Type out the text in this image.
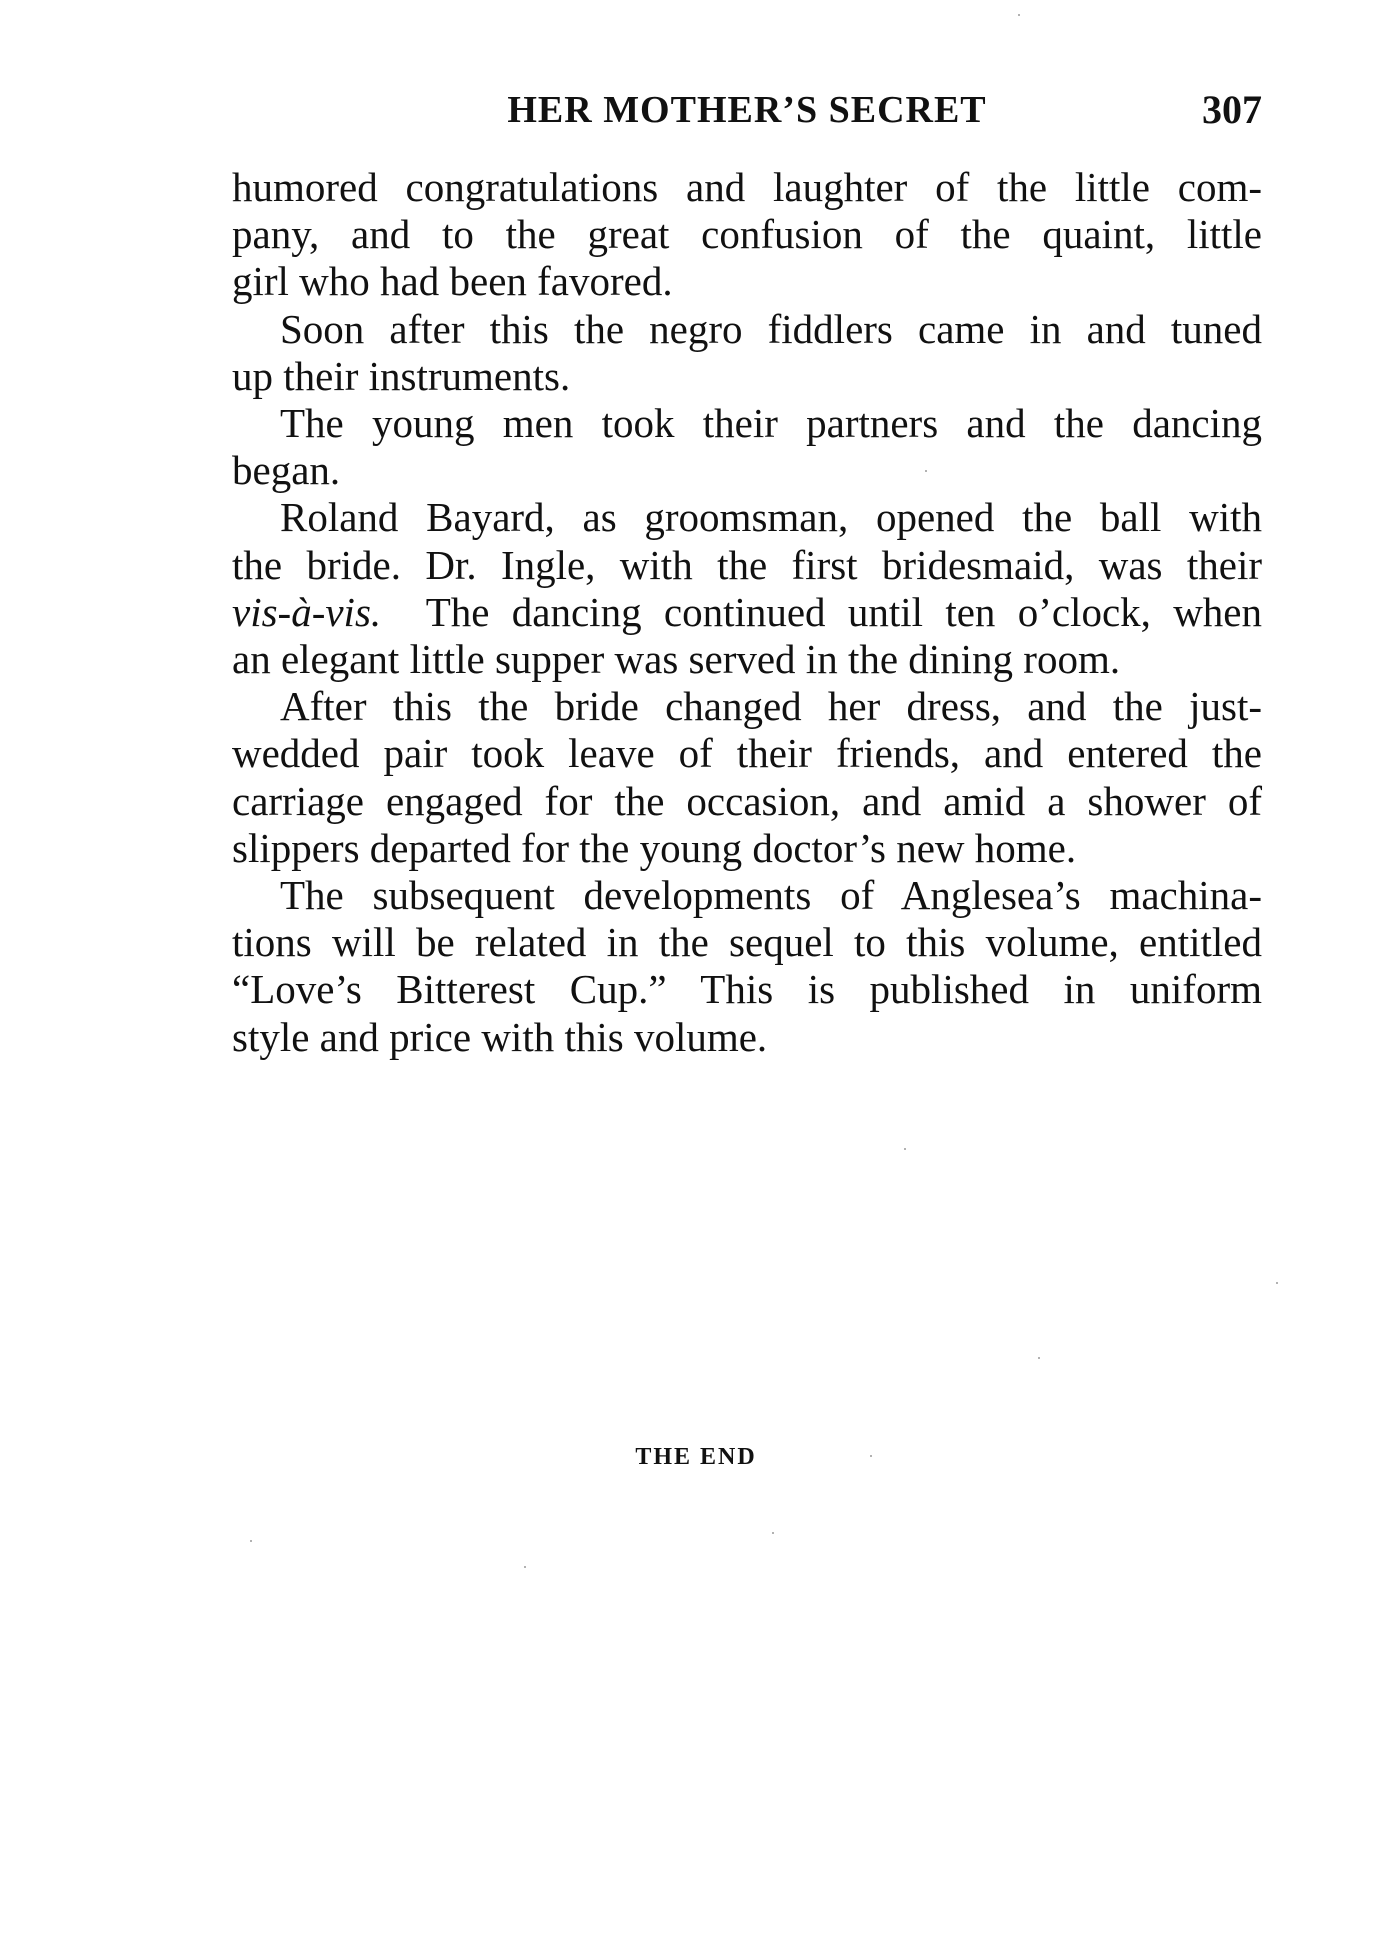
HER MOTHER’S SECRET	307
humored congratulations and laughter of the little com-
pany, and to the great confusion of the quaint, little
girl who had been favored.
Soon after this the negro fiddlers came in and tuned
up their instruments.
The young men took their partners and the dancing
began.
Roland Bayard, as groomsman, opened the ball with
the bride. Dr. Ingle, with the first bridesmaid, was their
vis-à-vis. The dancing continued until ten o’clock, when
an elegant little supper was served in the dining room.
After this the bride changed her dress, and the just-
wedded pair took leave of their friends, and entered the
carriage engaged for the occasion, and amid a shower of
slippers departed for the young doctor’s new home.
The subsequent developments of Anglesea’s machina-
tions will be related in the sequel to this volume, entitled
“Love’s Bitterest Cup.” This is published in uniform
style and price with this volume.
THE END
